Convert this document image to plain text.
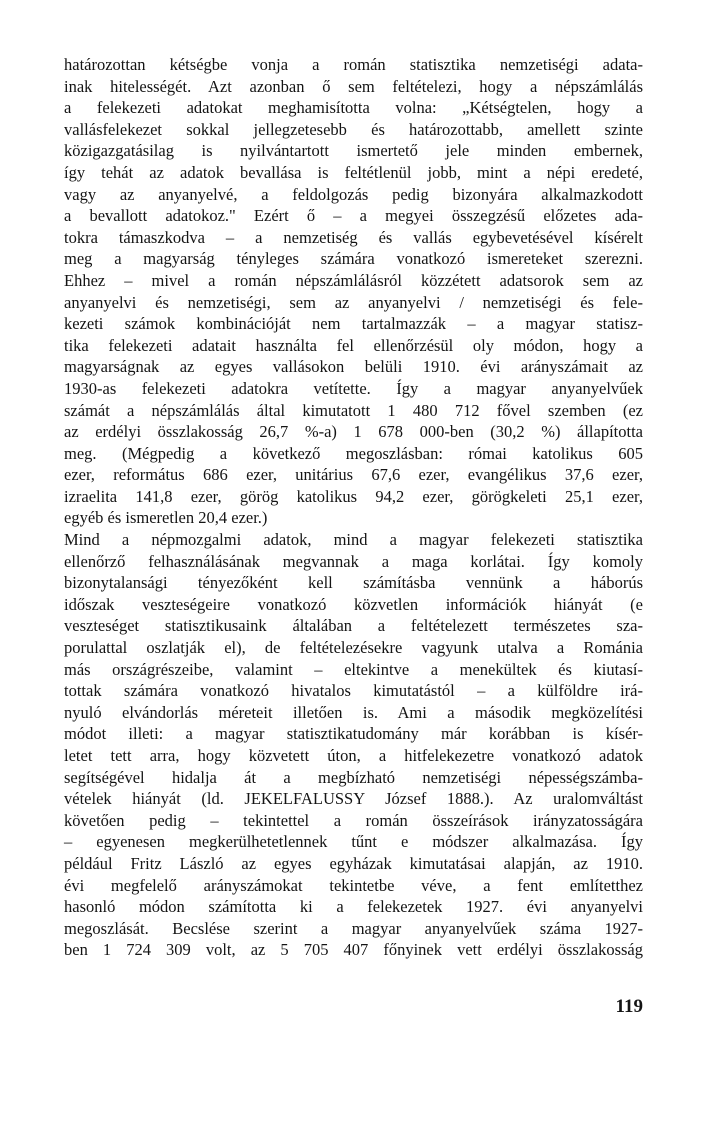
határozottan kétségbe vonja a román statisztika nemzetiségi adata-
inak hitelességét. Azt azonban ő sem feltételezi, hogy a népszámlálás
a felekezeti adatokat meghamisította volna: „Kétségtelen, hogy a
vallásfelekezet sokkal jellegzetesebb és határozottabb, amellett szinte
közigazgatásilag is nyilvántartott ismertető jele minden embernek,
így tehát az adatok bevallása is feltétlenül jobb, mint a népi eredeté,
vagy az anyanyelvé, a feldolgozás pedig bizonyára alkalmazkodott
a bevallott adatokoz." Ezért ő – a megyei összegzésű előzetes ada-
tokra támaszkodva – a nemzetiség és vallás egybevetésével kísérelt
meg a magyarság tényleges számára vonatkozó ismereteket szerezni.
Ehhez – mivel a román népszámlálásról közzétett adatsorok sem az
anyanyelvi és nemzetiségi, sem az anyanyelvi / nemzetiségi és fele-
kezeti számok kombinációját nem tartalmazzák – a magyar statisz-
tika felekezeti adatait használta fel ellenőrzésül oly módon, hogy a
magyarságnak az egyes vallásokon belüli 1910. évi arányszámait az
1930-as felekezeti adatokra vetítette. Így a magyar anyanyelvűek
számát a népszámlálás által kimutatott 1 480 712 fővel szemben (ez
az erdélyi összlakosság 26,7 %-a) 1 678 000-ben (30,2 %) állapította
meg. (Mégpedig a következő megoszlásban: római katolikus 605
ezer, református 686 ezer, unitárius 67,6 ezer, evangélikus 37,6 ezer,
izraelita 141,8 ezer, görög katolikus 94,2 ezer, görögkeleti 25,1 ezer,
egyéb és ismeretlen 20,4 ezer.)
Mind a népmozgalmi adatok, mind a magyar felekezeti statisztika
ellenőrző felhasználásának megvannak a maga korlátai. Így komoly
bizonytalansági tényezőként kell számításba vennünk a háborús
időszak veszteségeire vonatkozó közvetlen információk hiányát (e
veszteséget statisztikusaink általában a feltételezett természetes sza-
porulattal oszlatják el), de feltételezésekre vagyunk utalva a Románia
más országrészeibe, valamint – eltekintve a menekültek és kiutasí-
tottak számára vonatkozó hivatalos kimutatástól – a külföldre irá-
nyuló elvándorlás méreteit illetően is. Ami a második megközelítési
módot illeti: a magyar statisztikatudomány már korábban is kísér-
letet tett arra, hogy közvetett úton, a hitfelekezetre vonatkozó adatok
segítségével hidalja át a megbízható nemzetiségi népességszámba-
vételek hiányát (ld. JEKELFALUSSY József 1888.). Az uralomváltást
követően pedig – tekintettel a román összeírások irányzatosságára
– egyenesen megkerülhetetlennek tűnt e módszer alkalmazása. Így
például Fritz László az egyes egyházak kimutatásai alapján, az 1910.
évi megfelelő arányszámokat tekintetbe véve, a fent említetthez
hasonló módon számította ki a felekezetek 1927. évi anyanyelvi
megoszlását. Becslése szerint a magyar anyanyelvűek száma 1927-
ben 1 724 309 volt, az 5 705 407 főnyinek vett erdélyi összlakosság
119
